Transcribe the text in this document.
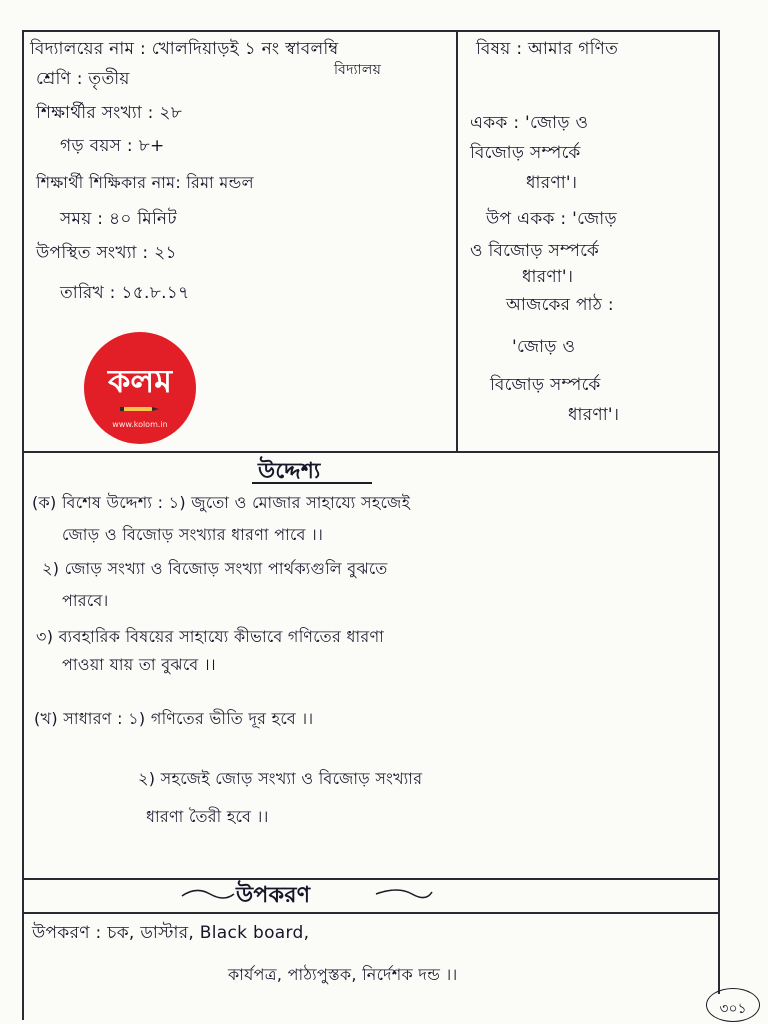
বিদ্যালয়ের নাম : খোলদিয়াড়ই ১ নং স্বাবলম্বি
বিদ্যালয়
শ্রেণি : তৃতীয়
শিক্ষার্থীর সংখ্যা : ২৮
গড় বয়স : ৮+
শিক্ষার্থী শিক্ষিকার নাম: রিমা মন্ডল
সময় : ৪০ মিনিট
উপস্থিত সংখ্যা : ২১
তারিখ : ১৫.৮.১৭
কলম
www.kolom.in
বিষয় : আমার গণিত
একক : 'জোড় ও
বিজোড় সম্পর্কে
ধারণা'।
উপ একক : 'জোড়
ও বিজোড় সম্পর্কে
ধারণা'।
আজকের পাঠ :
'জোড় ও
বিজোড় সম্পর্কে
ধারণা'।
উদ্দেশ্য
(ক) বিশেষ উদ্দেশ্য : ১) জুতো ও মোজার সাহায্যে সহজেই
জোড় ও বিজোড় সংখ্যার ধারণা পাবে ।।
২) জোড় সংখ্যা ও বিজোড় সংখ্যা পার্থক্যগুলি বুঝতে
পারবে।
৩) ব্যবহারিক বিষয়ের সাহায্যে কীভাবে গণিতের ধারণা
পাওয়া যায় তা বুঝবে ।।
(খ) সাধারণ : ১) গণিতের ভীতি দূর হবে ।।
২) সহজেই জোড় সংখ্যা ও বিজোড় সংখ্যার
ধারণা তৈরী হবে ।।
উপকরণ
উপকরণ : চক, ডাস্টার, Black board,
কার্যপত্র, পাঠ্যপুস্তক, নির্দেশক দন্ড ।।
৩০১
